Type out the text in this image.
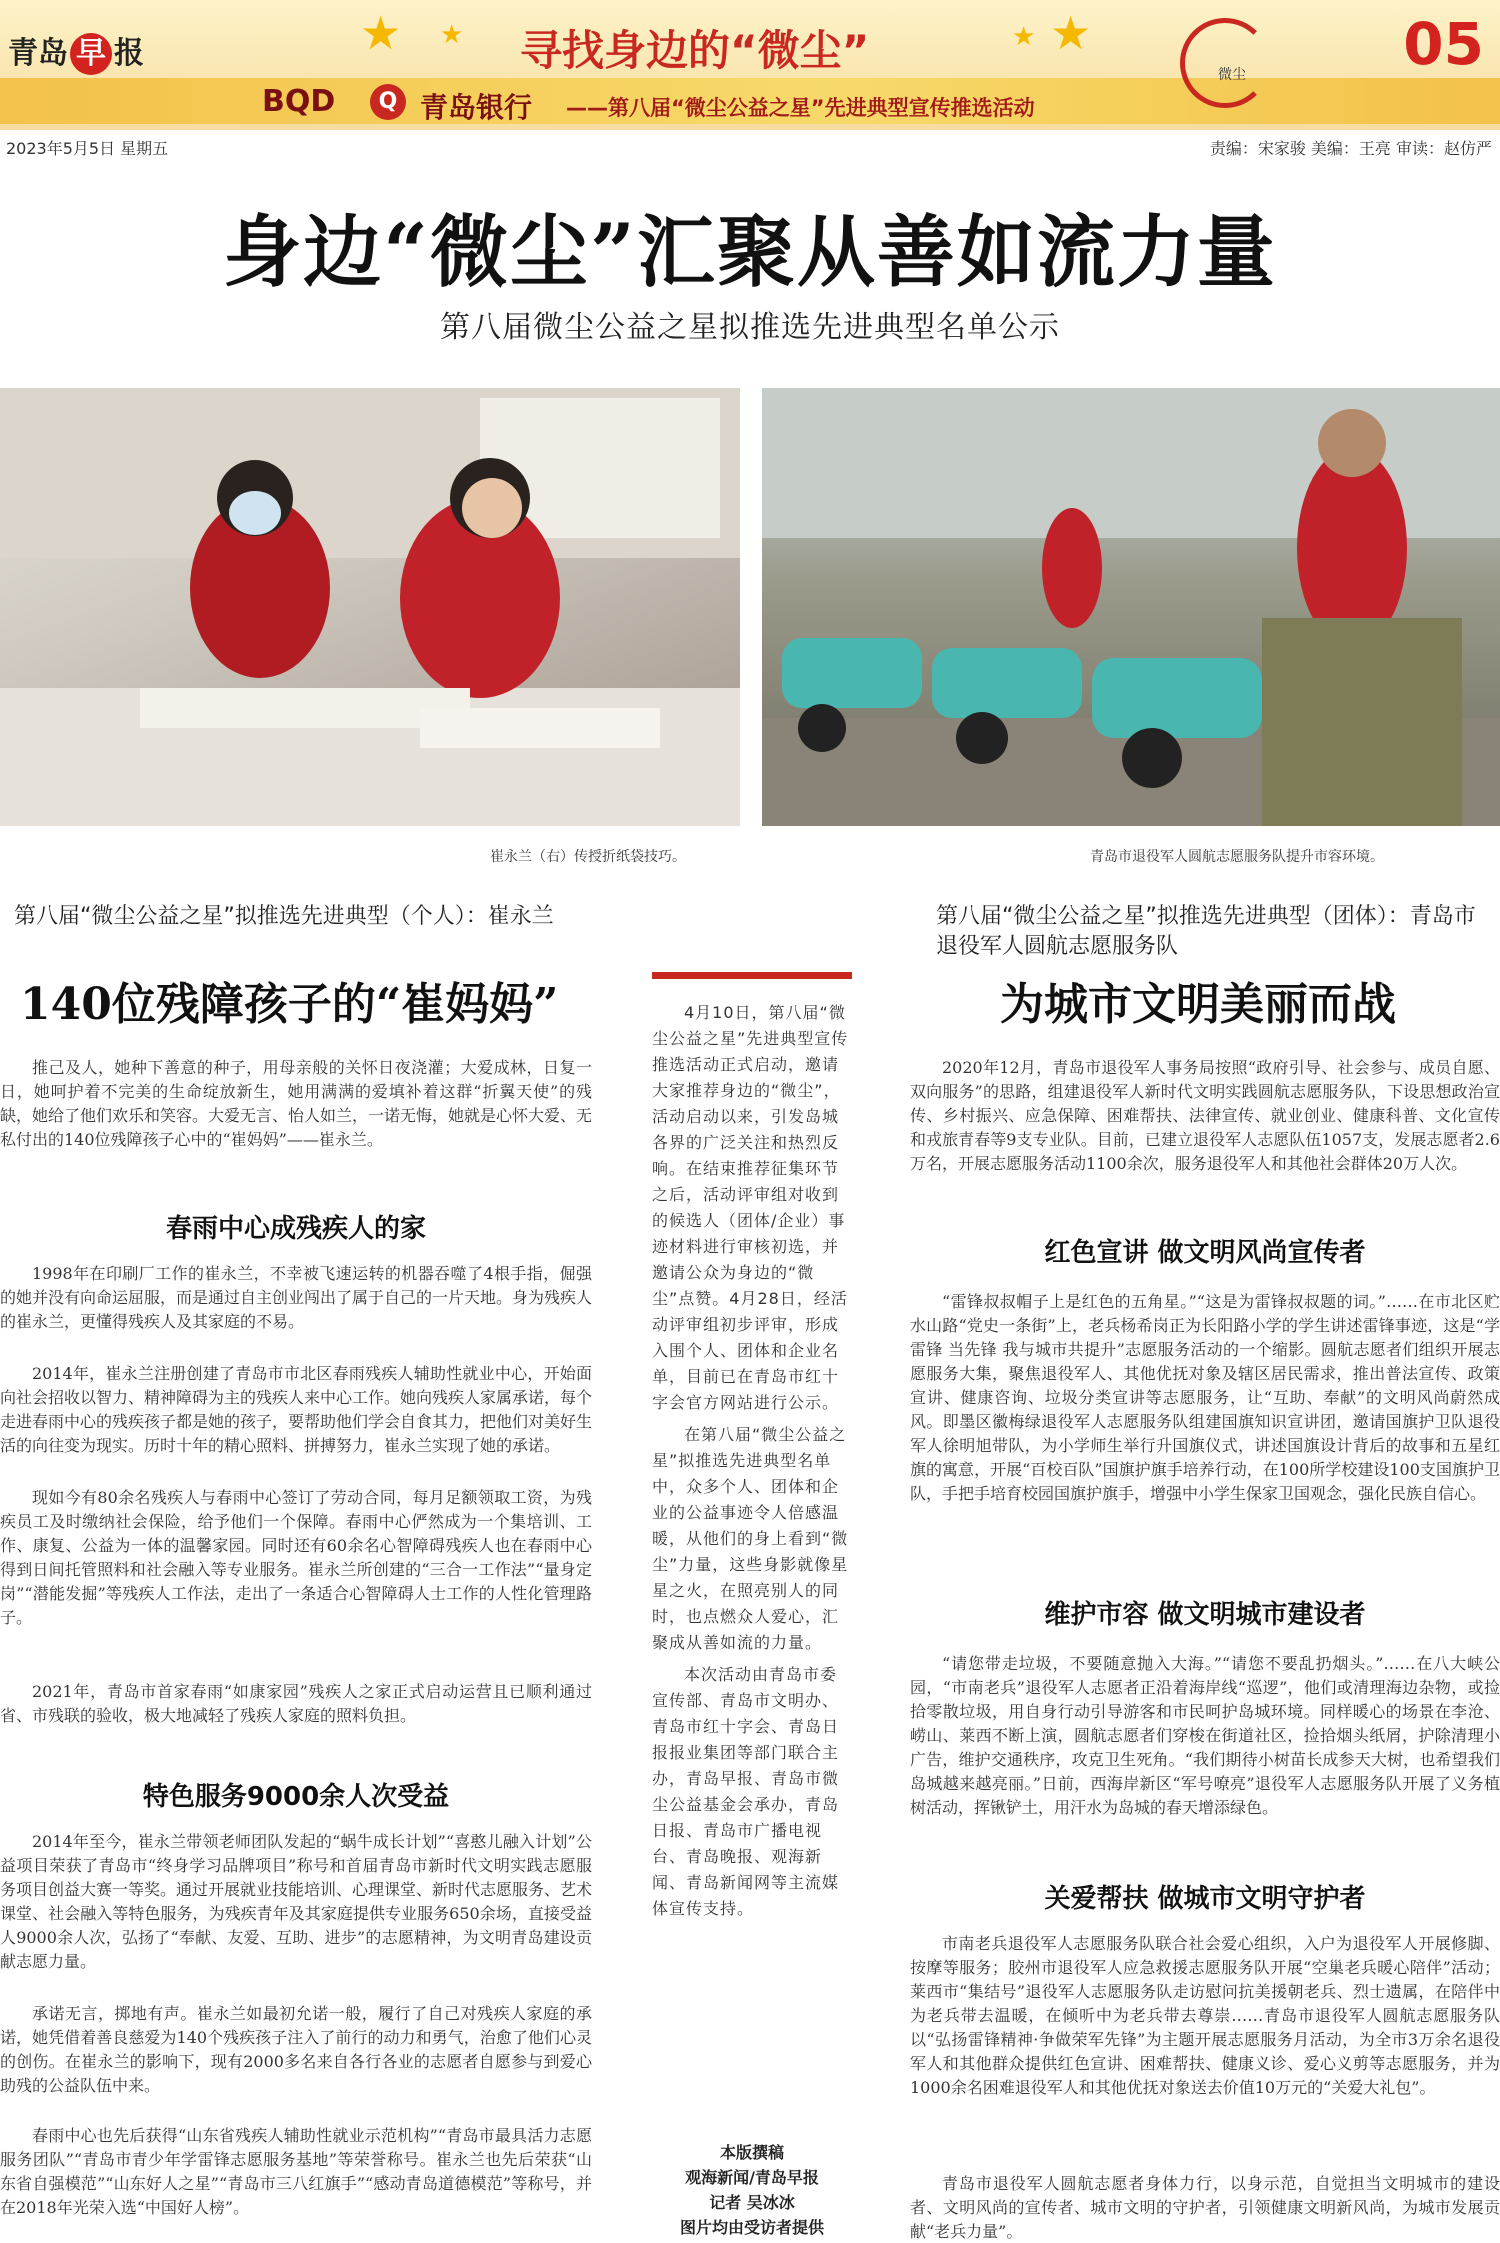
青岛 早 报	★ ★	★
★
寻找身边的“微尘”	微尘	05
BQD	Q 青岛银行 ——第八届“微尘公益之星”先进典型宣传推选活动
2023年5月5日 星期五	责编：宋家骏 美编：王亮 审读：赵仿严
身边“微尘”汇聚从善如流力量
第八届微尘公益之星拟推选先进典型名单公示
崔永兰（右）传授折纸袋技巧。	青岛市退役军人圆航志愿服务队提升市容环境。
第八届“微尘公益之星”拟推选先进典型（个人）：崔永兰
140位残障孩子的“崔妈妈”
推己及人，她种下善意的种子，用母亲般的关怀日夜浇灌；大爱成林，日复一日，她呵护着不完美的生命绽放新生，她用满满的爱填补着这群“折翼天使”的残缺，她给了他们欢乐和笑容。大爱无言、怡人如兰，一诺无悔，她就是心怀大爱、无私付出的140位残障孩子心中的“崔妈妈”——崔永兰。
春雨中心成残疾人的家
1998年在印刷厂工作的崔永兰，不幸被飞速运转的机器吞噬了4根手指，倔强的她并没有向命运屈服，而是通过自主创业闯出了属于自己的一片天地。身为残疾人的崔永兰，更懂得残疾人及其家庭的不易。
2014年，崔永兰注册创建了青岛市市北区春雨残疾人辅助性就业中心，开始面向社会招收以智力、精神障碍为主的残疾人来中心工作。她向残疾人家属承诺，每个走进春雨中心的残疾孩子都是她的孩子，要帮助他们学会自食其力，把他们对美好生活的向往变为现实。历时十年的精心照料、拼搏努力，崔永兰实现了她的承诺。
现如今有80余名残疾人与春雨中心签订了劳动合同，每月足额领取工资，为残疾员工及时缴纳社会保险，给予他们一个保障。春雨中心俨然成为一个集培训、工作、康复、公益为一体的温馨家园。同时还有60余名心智障碍残疾人也在春雨中心得到日间托管照料和社会融入等专业服务。崔永兰所创建的“三合一工作法”“量身定岗”“潜能发掘”等残疾人工作法，走出了一条适合心智障碍人士工作的人性化管理路子。
2021年，青岛市首家春雨“如康家园”残疾人之家正式启动运营且已顺利通过省、市残联的验收，极大地减轻了残疾人家庭的照料负担。
特色服务9000余人次受益
2014年至今，崔永兰带领老师团队发起的“蜗牛成长计划”“喜憨儿融入计划”公益项目荣获了青岛市“终身学习品牌项目”称号和首届青岛市新时代文明实践志愿服务项目创益大赛一等奖。通过开展就业技能培训、心理课堂、新时代志愿服务、艺术课堂、社会融入等特色服务，为残疾青年及其家庭提供专业服务650余场，直接受益人9000余人次，弘扬了“奉献、友爱、互助、进步”的志愿精神，为文明青岛建设贡献志愿力量。
承诺无言，掷地有声。崔永兰如最初允诺一般，履行了自己对残疾人家庭的承诺，她凭借着善良慈爱为140个残疾孩子注入了前行的动力和勇气，治愈了他们心灵的创伤。在崔永兰的影响下，现有2000多名来自各行各业的志愿者自愿参与到爱心助残的公益队伍中来。
春雨中心也先后获得“山东省残疾人辅助性就业示范机构”“青岛市最具活力志愿服务团队”“青岛市青少年学雷锋志愿服务基地”等荣誉称号。崔永兰也先后荣获“山东省自强模范”“山东好人之星”“青岛市三八红旗手”“感动青岛道德模范”等称号，并在2018年光荣入选“中国好人榜”。

4月10日，第八届“微尘公益之星”先进典型宣传推选活动正式启动，邀请大家推荐身边的“微尘”，活动启动以来，引发岛城各界的广泛关注和热烈反响。在结束推荐征集环节之后，活动评审组对收到的候选人（团体/企业）事迹材料进行审核初选，并邀请公众为身边的“微尘”点赞。4月28日，经活动评审组初步评审，形成入围个人、团体和企业名单，目前已在青岛市红十字会官方网站进行公示。

在第八届“微尘公益之星”拟推选先进典型名单中，众多个人、团体和企业的公益事迹令人倍感温暖，从他们的身上看到“微尘”力量，这些身影就像星星之火，在照亮别人的同时，也点燃众人爱心，汇聚成从善如流的力量。

本次活动由青岛市委宣传部、青岛市文明办、青岛市红十字会、青岛日报报业集团等部门联合主办，青岛早报、青岛市微尘公益基金会承办，青岛日报、青岛市广播电视台、青岛晚报、观海新闻、青岛新闻网等主流媒体宣传支持。

本版撰稿
观海新闻/青岛早报
记者 吴冰冰
图片均由受访者提供
第八届“微尘公益之星”拟推选先进典型（团体）：青岛市退役军人圆航志愿服务队
为城市文明美丽而战
2020年12月，青岛市退役军人事务局按照“政府引导、社会参与、成员自愿、双向服务”的思路，组建退役军人新时代文明实践圆航志愿服务队，下设思想政治宣传、乡村振兴、应急保障、困难帮扶、法律宣传、就业创业、健康科普、文化宣传和戎旅青春等9支专业队。目前，已建立退役军人志愿队伍1057支，发展志愿者2.6万名，开展志愿服务活动1100余次，服务退役军人和其他社会群体20万人次。
红色宣讲 做文明风尚宣传者
“雷锋叔叔帽子上是红色的五角星。”“这是为雷锋叔叔题的词。”……在市北区贮水山路“党史一条街”上，老兵杨希岗正为长阳路小学的学生讲述雷锋事迹，这是“学雷锋 当先锋 我与城市共提升”志愿服务活动的一个缩影。圆航志愿者们组织开展志愿服务大集，聚焦退役军人、其他优抚对象及辖区居民需求，推出普法宣传、政策宣讲、健康咨询、垃圾分类宣讲等志愿服务，让“互助、奉献”的文明风尚蔚然成风。即墨区徽梅绿退役军人志愿服务队组建国旗知识宣讲团，邀请国旗护卫队退役军人徐明旭带队，为小学师生举行升国旗仪式，讲述国旗设计背后的故事和五星红旗的寓意，开展“百校百队”国旗护旗手培养行动，在100所学校建设100支国旗护卫队，手把手培育校园国旗护旗手，增强中小学生保家卫国观念，强化民族自信心。
维护市容 做文明城市建设者
“请您带走垃圾，不要随意抛入大海。”“请您不要乱扔烟头。”……在八大峡公园，“市南老兵”退役军人志愿者正沿着海岸线“巡逻”，他们或清理海边杂物，或捡拾零散垃圾，用自身行动引导游客和市民呵护岛城环境。同样暖心的场景在李沧、崂山、莱西不断上演，圆航志愿者们穿梭在街道社区，捡拾烟头纸屑，护除清理小广告，维护交通秩序，攻克卫生死角。“我们期待小树苗长成参天大树，也希望我们岛城越来越亮丽。”日前，西海岸新区“军号嘹亮”退役军人志愿服务队开展了义务植树活动，挥锹铲土，用汗水为岛城的春天增添绿色。
关爱帮扶 做城市文明守护者
市南老兵退役军人志愿服务队联合社会爱心组织，入户为退役军人开展修脚、按摩等服务；胶州市退役军人应急救援志愿服务队开展“空巢老兵暖心陪伴”活动；莱西市“集结号”退役军人志愿服务队走访慰问抗美援朝老兵、烈士遗属，在陪伴中为老兵带去温暖，在倾听中为老兵带去尊崇……青岛市退役军人圆航志愿服务队以“弘扬雷锋精神·争做荣军先锋”为主题开展志愿服务月活动，为全市3万余名退役军人和其他群众提供红色宣讲、困难帮扶、健康义诊、爱心义剪等志愿服务，并为1000余名困难退役军人和其他优抚对象送去价值10万元的“关爱大礼包”。
青岛市退役军人圆航志愿者身体力行，以身示范，自觉担当文明城市的建设者、文明风尚的宣传者、城市文明的守护者，引领健康文明新风尚，为城市发展贡献“老兵力量”。
